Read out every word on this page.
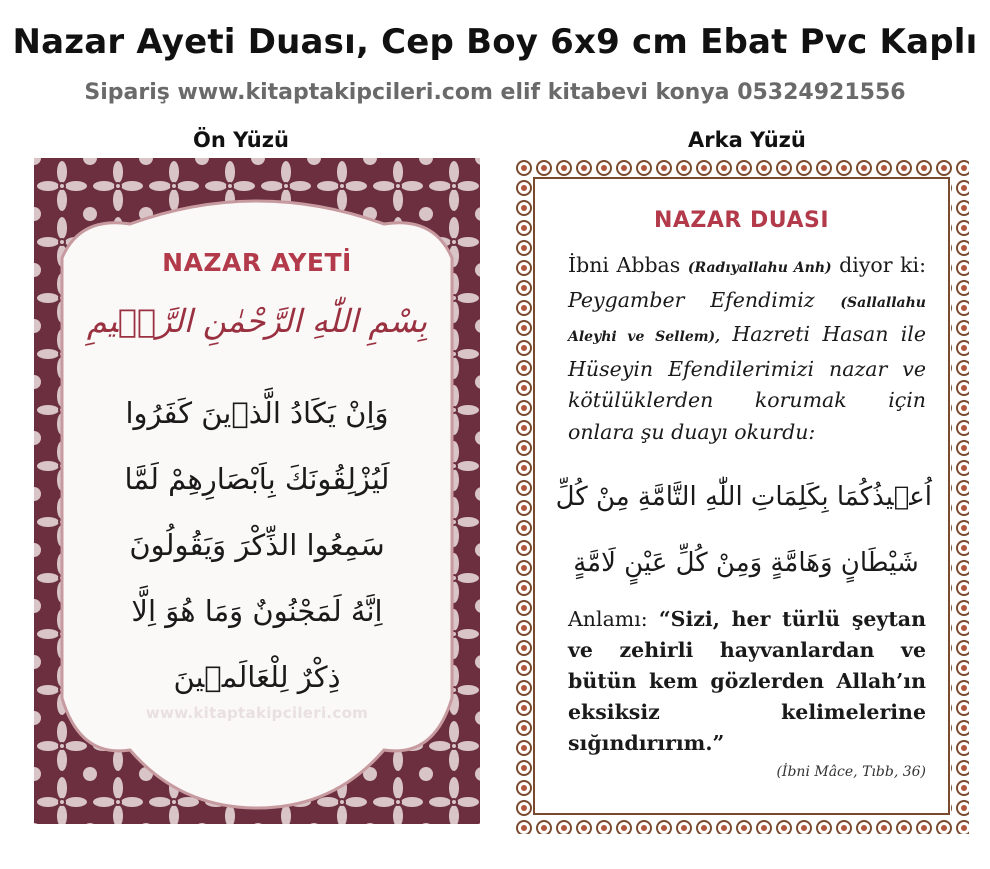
Nazar Ayeti Duası, Cep Boy 6x9 cm Ebat Pvc Kaplı
Sipariş www.kitaptakipcileri.com elif kitabevi konya 05324921556
Ön Yüzü	Arka Yüzü
NAZAR AYETİ
بِسْمِ اللّٰهِ الرَّحْمٰنِ الرَّح۪يمِ
وَاِنْ يَكَادُ الَّذ۪ينَ كَفَرُوا
لَيُزْلِقُونَكَ بِاَبْصَارِهِمْ لَمَّا
سَمِعُوا الذِّكْرَ وَيَقُولُونَ
اِنَّهُ لَمَجْنُونٌ وَمَا هُوَ اِلَّا
ذِكْرٌ لِلْعَالَم۪ينَ
www.kitaptakipcileri.com
NAZAR DUASI
İbni Abbas (Radıyallahu Anh) diyor ki: Peygamber Efendimiz (Sallallahu Aleyhi ve Sellem), Hazreti Hasan ile Hüseyin Efendilerimizi nazar ve kötülüklerden korumak için onlara şu duayı okurdu:
اُع۪يذُكُمَا بِكَلِمَاتِ اللّٰهِ التَّامَّةِ مِنْ كُلِّ
شَيْطَانٍ وَهَامَّةٍ وَمِنْ كُلِّ عَيْنٍ لَامَّةٍ
Anlamı: “Sizi, her türlü şeytan ve zehirli hayvanlardan ve bütün kem gözlerden Allah’ın eksiksiz kelimelerine sığındırırım.”
(İbni Mâce, Tıbb, 36)
